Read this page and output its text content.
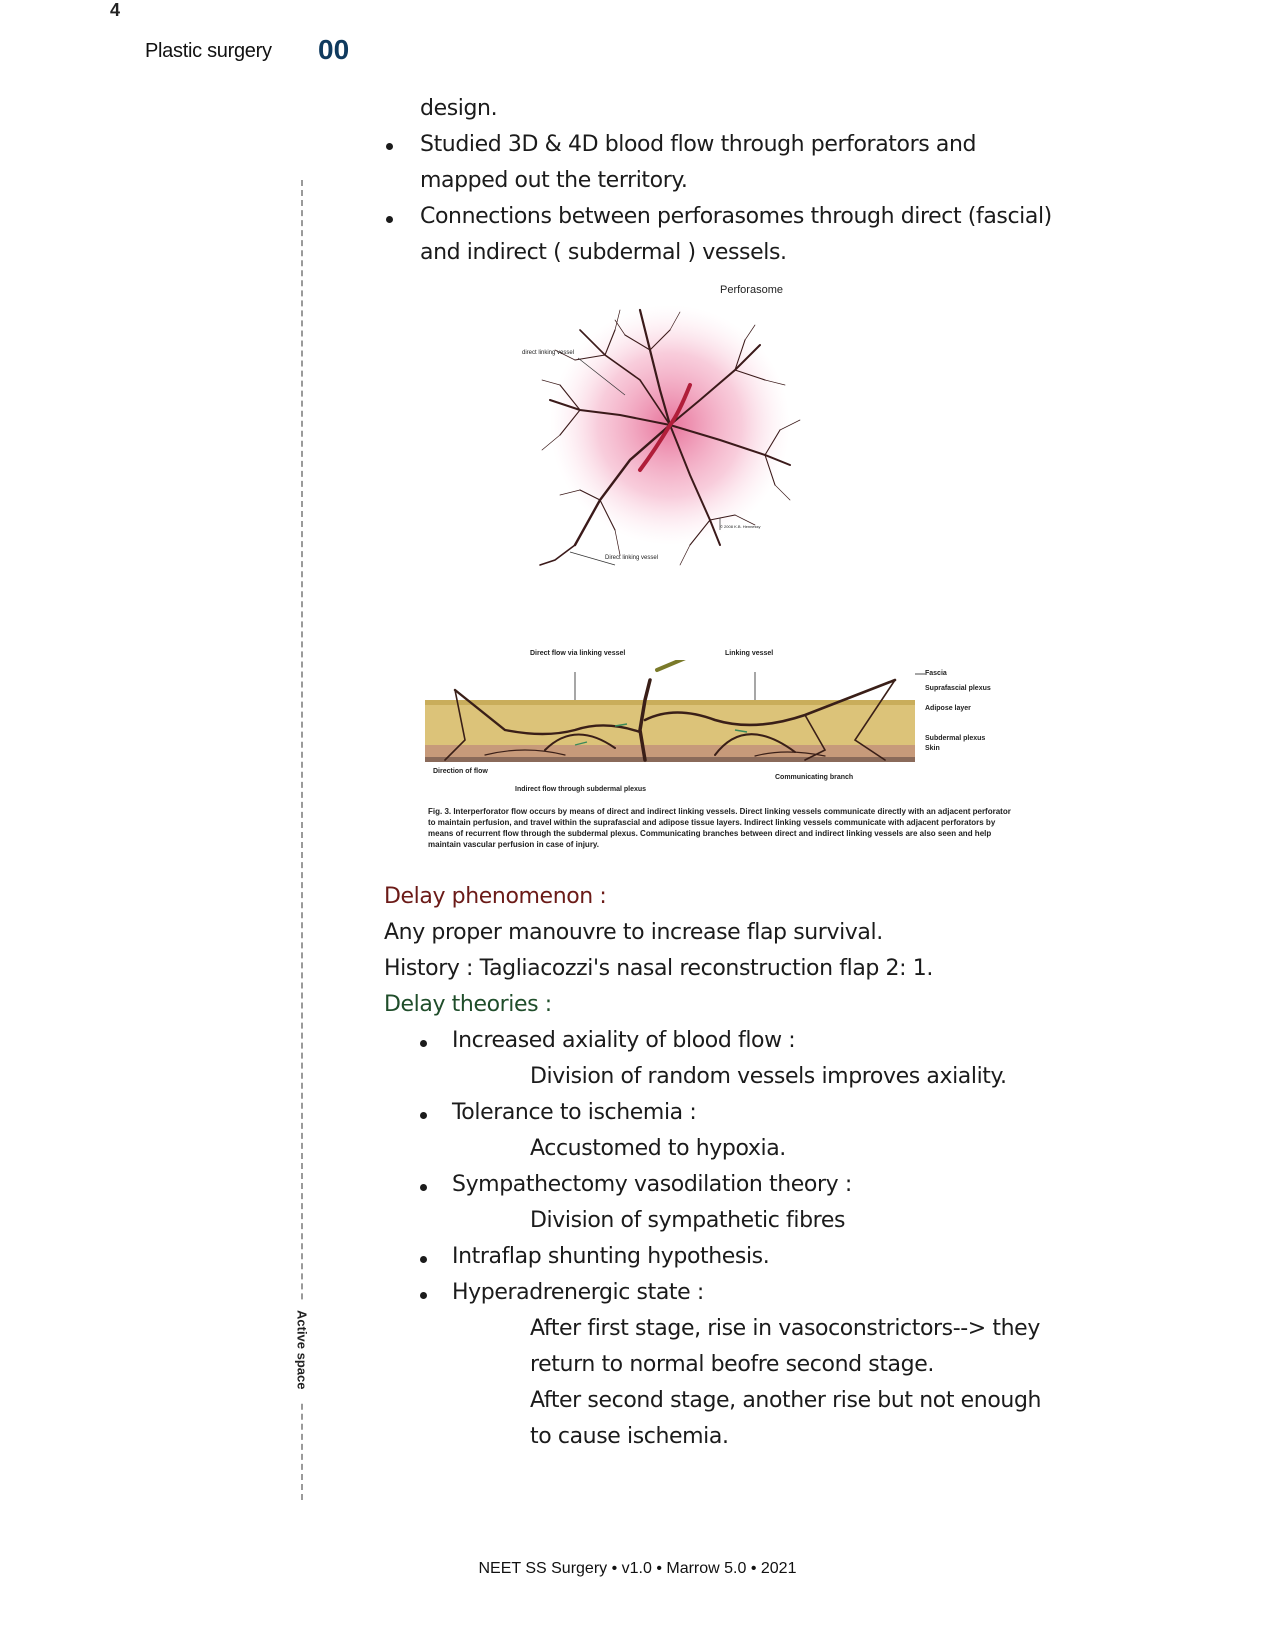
4
Plastic surgery 00
Active space
design.
Studied 3D & 4D blood flow through perforators and
mapped out the territory.
Connections between perforasomes through direct (fascial)
and indirect ( subdermal ) vessels.
Perforasome
direct linking vessel
Direct linking vessel
© 2008 K.B. Hennessy
Direct flow via linking vessel	Linking vessel
Fascia
Suprafascial plexus
Adipose layer
Subdermal plexus
Skin
Indirect flow through subdermal plexus
Communicating branch
Direction of flow
Fig. 3. Interperforator flow occurs by means of direct and indirect linking vessels. Direct linking vessels communicate directly with an adjacent perforator to maintain perfusion, and travel within the suprafascial and adipose tissue layers. Indirect linking vessels communicate with adjacent perforators by means of recurrent flow through the subdermal plexus. Communicating branches between direct and indirect linking vessels are also seen and help maintain vascular perfusion in case of injury.
Delay phenomenon :
Any proper manouvre to increase flap survival.
History : Tagliacozzi's nasal reconstruction flap 2: 1.
Delay theories :
Increased axiality of blood flow :
Division of random vessels improves axiality.
Tolerance to ischemia :
Accustomed to hypoxia.
Sympathectomy vasodilation theory :
Division of sympathetic fibres
Intraflap shunting hypothesis.
Hyperadrenergic state :
After first stage, rise in vasoconstrictors--> they
return to normal beofre second stage.
After second stage, another rise but not enough
to cause ischemia.
NEET SS Surgery • v1.0 • Marrow 5.0 • 2021
